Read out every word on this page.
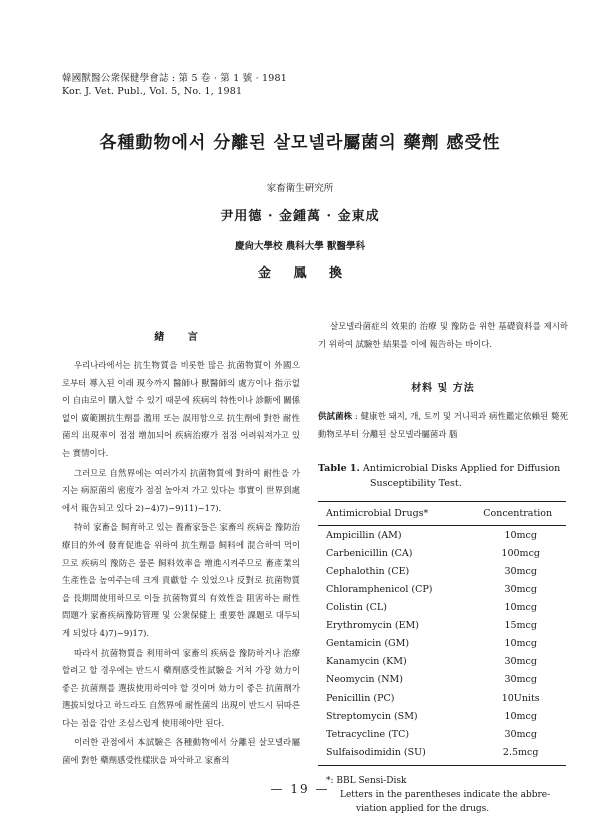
韓國獸醫公衆保健學會誌 : 第 5 卷 · 第 1 號 · 1981
Kor. J. Vet. Publ., Vol. 5, No. 1, 1981
各種動物에서 分離된 살모넬라屬菌의 藥劑 感受性
家畜衛生硏究所
尹用德 · 金鍾萬 · 金東成
慶尙大學校 農科大學 獸醫學科
金 鳳 換
緖 言

우리나라에서는 抗生物質을 비롯한 많은 抗菌物質이 外國으로부터 導入된 이래 現今까지 醫師나 獸醫師의 處方이나 指示없이 自由로이 購入할 수 있기 때문에 疾病의 特性이나 診斷에 關係없이 廣範圍抗生劑를 濫用 또는 誤用함으로 抗生劑에 對한 耐性菌의 出現率이 점점 增加되어 疾病治療가 점점 어려워져가고 있는 實情이다.

그러므로 自然界에는 여러가지 抗菌物質에 對하여 耐性을 가지는 病原菌의 密度가 점점 높아져 가고 있다는 事實이 世界到處에서 報告되고 있다 2)~4)7)~9)11)~17).

特히 家畜을 飼育하고 있는 養畜家들은 家畜의 疾病을 豫防治療目的外에 發育促進을 위하여 抗生劑를 飼料에 混合하여 먹이므로 疾病의 豫防은 물론 飼料效率을 增進시켜주므로 畜產業의 生產性을 높여주는데 크게 貢獻할 수 있었으나 反對로 抗菌物質을 長期間使用하므로 이들 抗菌物質의 有效性을 阻害하는 耐性問題가 家畜疾病豫防管理 및 公衆保健上 重要한 課題로 대두되게 되었다 4)7)~9)17).

따라서 抗菌物質을 利用하여 家畜의 疾病을 豫防하거나 治療할려고 할 경우에는 반드시 藥劑感受性試驗을 거쳐 가장 効力이 좋은 抗菌劑를 選拔使用하여야 할 것이며 効力이 좋은 抗菌劑가 選拔되었다고 하드라도 自然界에 耐性菌의 出現이 반드시 뒤따른다는 점을 감안 조심스럽게 使用해야만 된다.

이러한 관점에서 本試驗은 各種動物에서 分離된 살모넬라屬菌에 對한 藥劑感受性樣狀을 파악하고 家畜의

살모넬라菌症의 效果的 治療 및 豫防을 위한 基礎資料를 제시하기 위하여 試驗한 結果를 이에 報告하는 바이다.

材料 및 方法

供試菌株 : 健康한 돼지, 개, 토끼 및 거니픽과 病性鑑定依賴된 斃死動物로부터 分離된 살모넬라屬菌과 腦

Table 1. Antimicrobial Disks Applied for Diffusion
Susceptibility Test.
Antimicrobial Drugs*	Concentration
Ampicillin (AM)	10mcg
Carbenicillin (CA)	100mcg
Cephalothin (CE)	30mcg
Chloramphenicol (CP)	30mcg
Colistin (CL)	10mcg
Erythromycin (EM)	15mcg
Gentamicin (GM)	10mcg
Kanamycin (KM)	30mcg
Neomycin (NM)	30mcg
Penicillin (PC)	10Units
Streptomycin (SM)	10mcg
Tetracycline (TC)	30mcg
Sulfaisodimidin (SU)	2.5mcg
*: BBL Sensi-Disk
Letters in the parentheses indicate the abbre-
viation applied for the drugs.
— 19 —
